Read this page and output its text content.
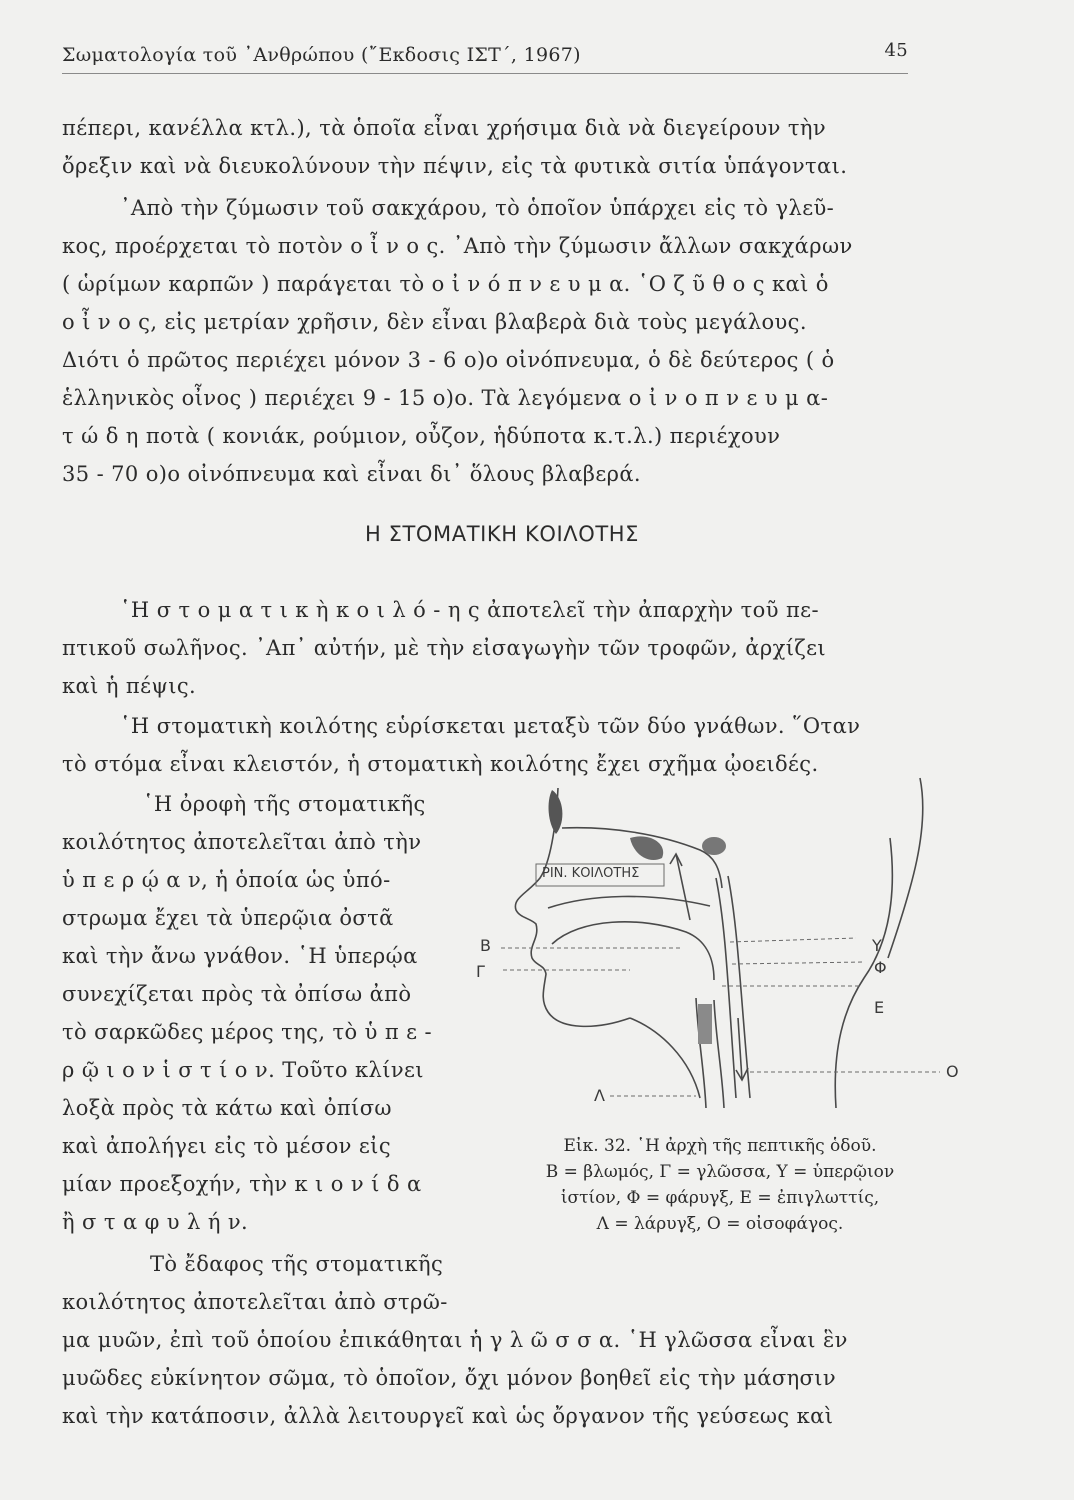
Σωματολογία τοῦ ᾿Ανθρώπου (῎Εκδοσις ΙΣΤ΄, 1967)	45
πέπερι, κανέλλα κτλ.), τὰ ὁποῖα εἶναι χρήσιμα διὰ νὰ διεγείρουν τὴν
ὄρεξιν καὶ νὰ διευκολύνουν τὴν πέψιν, εἰς τὰ φυτικὰ σιτία ὑπάγονται.
᾿Απὸ τὴν ζύμωσιν τοῦ σακχάρου, τὸ ὁποῖον ὑπάρχει εἰς τὸ γλεῦ-
κος, προέρχεται τὸ ποτὸν ο ἶ ν ο ς. ᾿Απὸ τὴν ζύμωσιν ἄλλων σακχάρων
( ὡρίμων καρπῶν ) παράγεται τὸ ο ἰ ν ό π ν ε υ μ α. ῾Ο ζ ῦ θ ο ς καὶ ὁ
ο ἶ ν ο ς, εἰς μετρίαν χρῆσιν, δὲν εἶναι βλαβερὰ διὰ τοὺς μεγάλους.
Διότι ὁ πρῶτος περιέχει μόνον 3 - 6 ο)ο οἰνόπνευμα, ὁ δὲ δεύτερος ( ὁ
ἑλληνικὸς οἶνος ) περιέχει 9 - 15 ο)ο. Τὰ λεγόμενα ο ἰ ν ο π ν ε υ μ α-
τ ώ δ η ποτὰ ( κονιάκ, ρούμιον, οὖζον, ἡδύποτα κ.τ.λ.) περιέχουν
35 - 70 ο)ο οἰνόπνευμα καὶ εἶναι δι᾿ ὅλους βλαβερά.
Η ΣΤΟΜΑΤΙΚΗ ΚΟΙΛΟΤΗΣ
῾Η σ τ ο μ α τ ι κ ὴ κ ο ι λ ό - η ς ἀποτελεῖ τὴν ἀπαρχὴν τοῦ πε-
πτικοῦ σωλῆνος. ᾿Απ᾿ αὐτήν, μὲ τὴν εἰσαγωγὴν τῶν τροφῶν, ἀρχίζει
καὶ ἡ πέψις.
῾Η στοματικὴ κοιλότης εὑρίσκεται μεταξὺ τῶν δύο γνάθων. ῞Οταν
τὸ στόμα εἶναι κλειστόν, ἡ στοματικὴ κοιλότης ἔχει σχῆμα ᾠοειδές.
῾Η ὀροφὴ τῆς στοματικῆς
κοιλότητος ἀποτελεῖται ἀπὸ τὴν
ὑ π ε ρ ῴ α ν, ἡ ὁποία ὡς ὑπό-
στρωμα ἔχει τὰ ὑπερῷια ὀστᾶ
καὶ τὴν ἄνω γνάθον. ῾Η ὑπερῴα
συνεχίζεται πρὸς τὰ ὀπίσω ἀπὸ
τὸ σαρκῶδες μέρος της, τὸ ὑ π ε -
ρ ῷ ι ο ν ἱ σ τ ί ο ν. Τοῦτο κλίνει
λοξὰ πρὸς τὰ κάτω καὶ ὀπίσω
καὶ ἀπολήγει εἰς τὸ μέσον εἰς
μίαν προεξοχήν, τὴν κ ι ο ν ί δ α
ἢ σ τ α φ υ λ ή ν.
Τὸ ἔδαφος τῆς στοματικῆς
κοιλότητος ἀποτελεῖται ἀπὸ στρῶ-
μα μυῶν, ἐπὶ τοῦ ὁποίου ἐπικάθηται ἡ γ λ ῶ σ σ α. ῾Η γλῶσσα εἶναι ἓν
μυῶδες εὐκίνητον σῶμα, τὸ ὁποῖον, ὄχι μόνον βοηθεῖ εἰς τὴν μάσησιν
καὶ τὴν κατάποσιν, ἀλλὰ λειτουργεῖ καὶ ὡς ὄργανον τῆς γεύσεως καὶ
ΡΙΝ. ΚΟΙΛΟΤΗΣ
Β
Γ
Υ
Φ
Ε
Λ
Ο
Εἰκ. 32. ῾Η ἀρχὴ τῆς πεπτικῆς ὁδοῦ.
Β = βλωμός, Γ = γλῶσσα, Υ = ὑπερῷιον
ἱστίον, Φ = φάρυγξ, Ε = ἐπιγλωττίς,
Λ = λάρυγξ, Ο = οἰσοφάγος.
